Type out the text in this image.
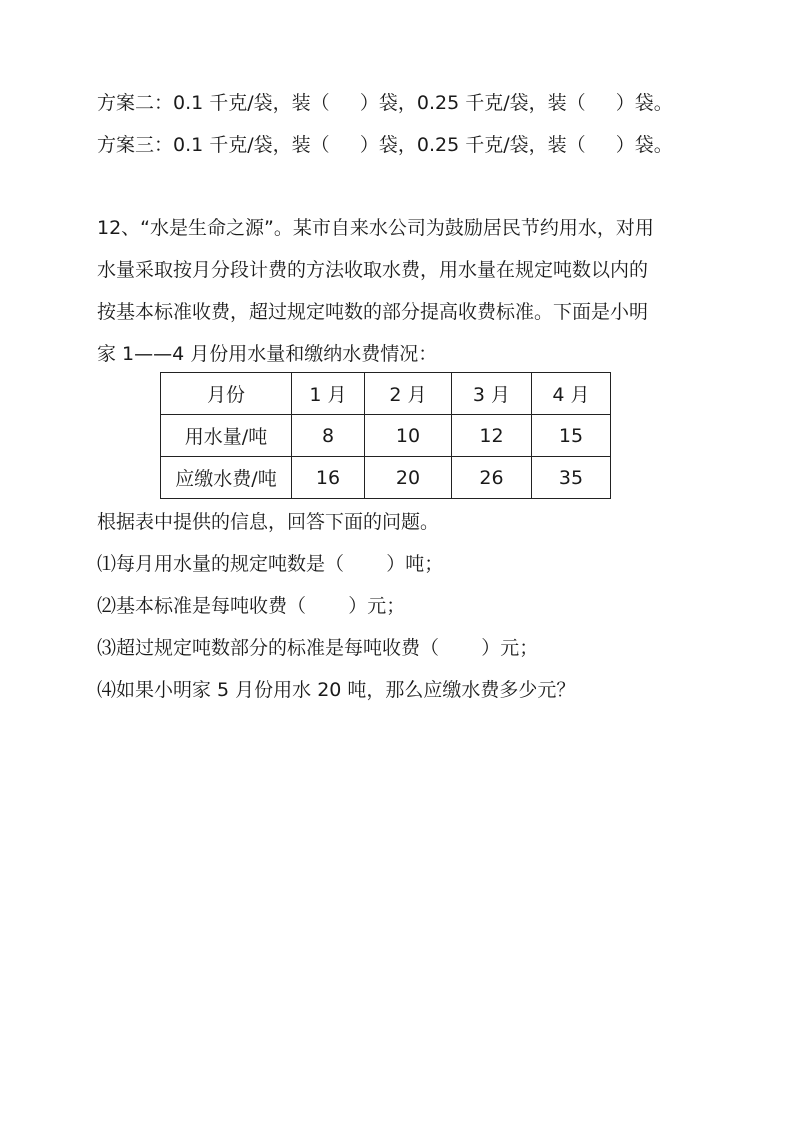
方案二：0.1 千克/袋，装（     ）袋，0.25 千克/袋，装（     ）袋。
方案三：0.1 千克/袋，装（     ）袋，0.25 千克/袋，装（     ）袋。
12、“水是生命之源”。某市自来水公司为鼓励居民节约用水，对用
水量采取按月分段计费的方法收取水费，用水量在规定吨数以内的
按基本标准收费，超过规定吨数的部分提高收费标准。下面是小明
家 1——4 月份用水量和缴纳水费情况：
月份	1 月	2 月	3 月	4 月
用水量/吨	8	10	12	15
应缴水费/吨	16	20	26	35
根据表中提供的信息，回答下面的问题。
⑴每月用水量的规定吨数是（       ）吨；
⑵基本标准是每吨收费（       ）元；
⑶超过规定吨数部分的标准是每吨收费（       ）元；
⑷如果小明家 5 月份用水 20 吨，那么应缴水费多少元？
